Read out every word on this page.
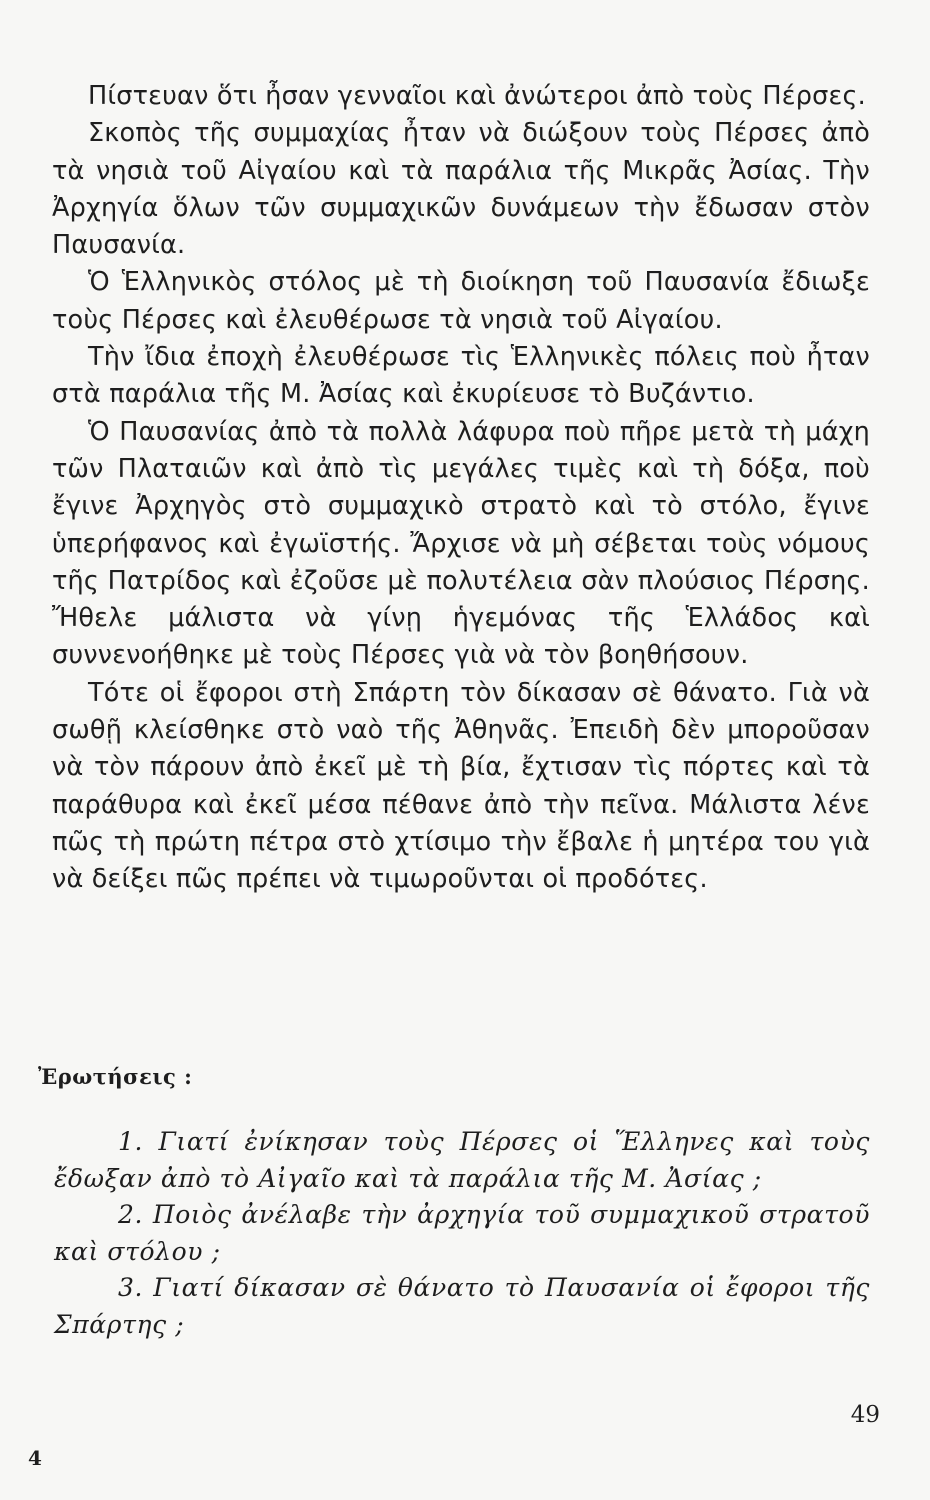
Πίστευαν ὅτι ἦσαν γενναῖοι καὶ ἀνώτεροι ἀπὸ τοὺς Πέρσες.

Σκοπὸς τῆς συμμαχίας ἦταν νὰ διώξουν τοὺς Πέρσες ἀπὸ τὰ νησιὰ τοῦ Αἰγαίου καὶ τὰ παράλια τῆς Μικρᾶς Ἀσίας. Τὴν Ἀρχηγία ὅλων τῶν συμμαχικῶν δυνάμεων τὴν ἔδωσαν στὸν Παυσανία.

Ὁ Ἑλληνικὸς στόλος μὲ τὴ διοίκηση τοῦ Παυσανία ἔδιωξε τοὺς Πέρσες καὶ ἐλευθέρωσε τὰ νησιὰ τοῦ Αἰγαίου.

Τὴν ἴδια ἐποχὴ ἐλευθέρωσε τὶς Ἑλληνικὲς πόλεις ποὺ ἦταν στὰ παράλια τῆς Μ. Ἀσίας καὶ ἐκυρίευσε τὸ Βυζάντιο.

Ὁ Παυσανίας ἀπὸ τὰ πολλὰ λάφυρα ποὺ πῆρε μετὰ τὴ μάχη τῶν Πλαταιῶν καὶ ἀπὸ τὶς μεγάλες τιμὲς καὶ τὴ δόξα, ποὺ ἔγινε Ἀρχηγὸς στὸ συμμαχικὸ στρατὸ καὶ τὸ στόλο, ἔγινε ὑπερήφανος καὶ ἐγωϊστής. Ἄρχισε νὰ μὴ σέβεται τοὺς νόμους τῆς Πατρίδος καὶ ἐζοῦσε μὲ πολυτέλεια σὰν πλούσιος Πέρσης. Ἤθελε μάλιστα νὰ γίνῃ ἡγεμόνας τῆς Ἑλλάδος καὶ συννενοήθηκε μὲ τοὺς Πέρσες γιὰ νὰ τὸν βοηθήσουν.

Τότε οἱ ἔφοροι στὴ Σπάρτη τὸν δίκασαν σὲ θάνατο. Γιὰ νὰ σωθῇ κλείσθηκε στὸ ναὸ τῆς Ἀθηνᾶς. Ἐπειδὴ δὲν μποροῦσαν νὰ τὸν πάρουν ἀπὸ ἐκεῖ μὲ τὴ βία, ἔχτισαν τὶς πόρτες καὶ τὰ παράθυρα καὶ ἐκεῖ μέσα πέθανε ἀπὸ τὴν πεῖνα. Μάλιστα λένε πῶς τὴ πρώτη πέτρα στὸ χτίσιμο τὴν ἔβαλε ἡ μητέρα του γιὰ νὰ δείξει πῶς πρέπει νὰ τιμωροῦνται οἱ προδότες.

Ἐρωτήσεις :

1. Γιατί ἐνίκησαν τοὺς Πέρσες οἱ Ἕλληνες καὶ τοὺς ἔδωξαν ἀπὸ τὸ Αἰγαῖο καὶ τὰ παράλια τῆς Μ. Ἀσίας ;

2. Ποιὸς ἀνέλαβε τὴν ἀρχηγία τοῦ συμμαχικοῦ στρατοῦ καὶ στόλου ;

3. Γιατί δίκασαν σὲ θάνατο τὸ Παυσανία οἱ ἔφοροι τῆς Σπάρτης ;

49
4
